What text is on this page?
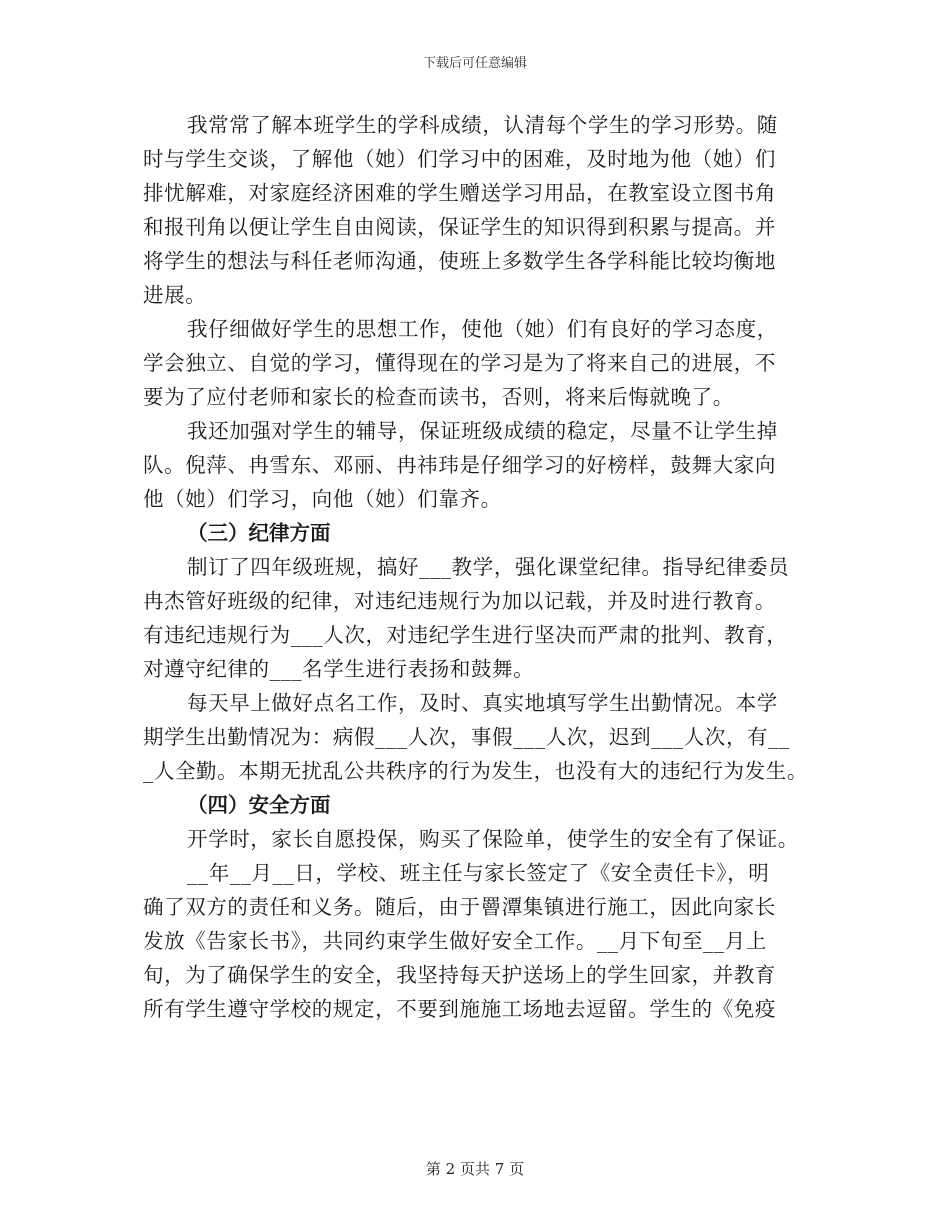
下载后可任意编辑
我常常了解本班学生的学科成绩，认清每个学生的学习形势。随
时与学生交谈，了解他（她）们学习中的困难，及时地为他（她）们
排忧解难，对家庭经济困难的学生赠送学习用品，在教室设立图书角
和报刊角以便让学生自由阅读，保证学生的知识得到积累与提高。并
将学生的想法与科任老师沟通，使班上多数学生各学科能比较均衡地
进展。
我仔细做好学生的思想工作，使他（她）们有良好的学习态度，
学会独立、自觉的学习，懂得现在的学习是为了将来自己的进展，不
要为了应付老师和家长的检查而读书，否则，将来后悔就晚了。
我还加强对学生的辅导，保证班级成绩的稳定，尽量不让学生掉
队。倪萍、冉雪东、邓丽、冉祎玮是仔细学习的好榜样，鼓舞大家向
他（她）们学习，向他（她）们靠齐。
（三）纪律方面
制订了四年级班规，搞好___教学，强化课堂纪律。指导纪律委员
冉杰管好班级的纪律，对违纪违规行为加以记载，并及时进行教育。
有违纪违规行为___人次，对违纪学生进行坚决而严肃的批判、教育，
对遵守纪律的___名学生进行表扬和鼓舞。
每天早上做好点名工作，及时、真实地填写学生出勤情况。本学
期学生出勤情况为：病假___人次，事假___人次，迟到___人次，有__
_人全勤。本期无扰乱公共秩序的行为发生，也没有大的违纪行为发生。
（四）安全方面
开学时，家长自愿投保，购买了保险单，使学生的安全有了保证。
__年__月__日，学校、班主任与家长签定了《安全责任卡》，明
确了双方的责任和义务。随后，由于罾潭集镇进行施工，因此向家长
发放《告家长书》，共同约束学生做好安全工作。__月下旬至__月上
旬，为了确保学生的安全，我坚持每天护送场上的学生回家，并教育
所有学生遵守学校的规定，不要到施施工场地去逗留。学生的《免疫
第 2 页共 7 页
